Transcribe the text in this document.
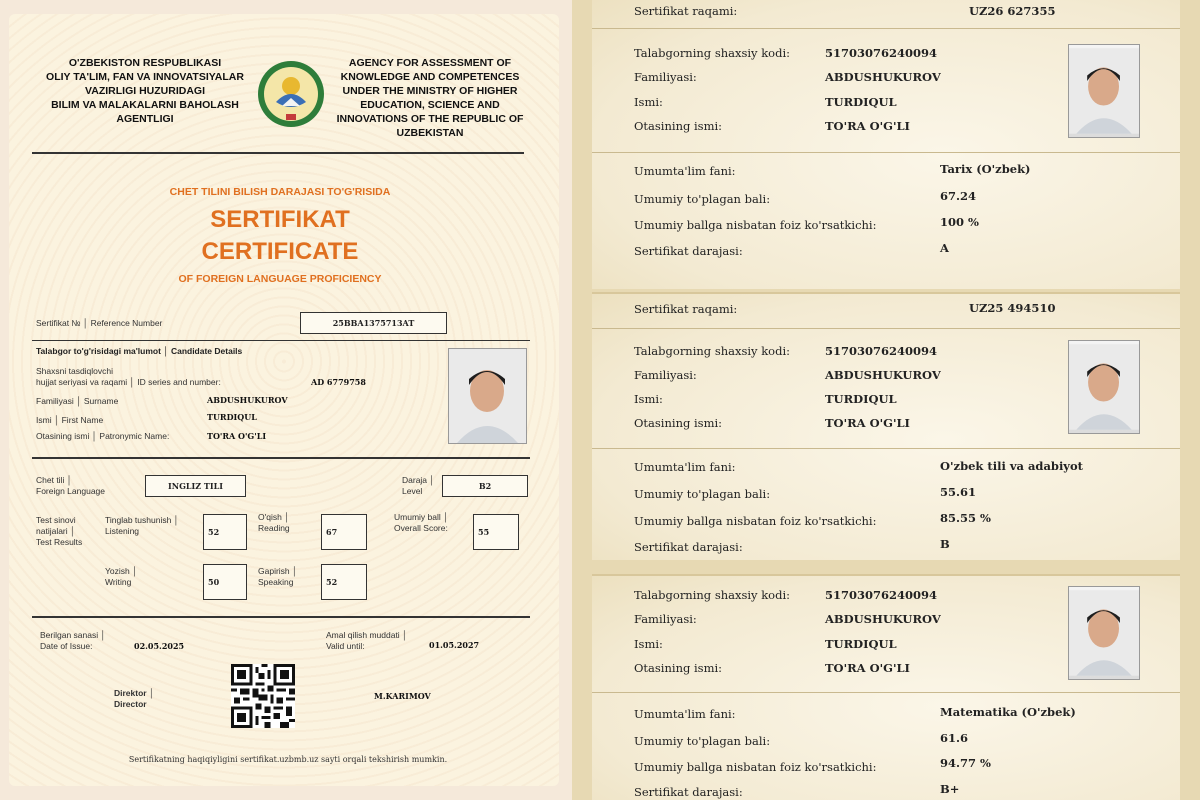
O'ZBEKISTON RESPUBLIKASI
OLIY TA'LIM, FAN VA INNOVATSIYALAR
VAZIRLIGI HUZURIDAGI
BILIM VA MALAKALARNI BAHOLASH
AGENTLIGI
AGENCY FOR ASSESSMENT OF
KNOWLEDGE AND COMPETENCES
UNDER THE MINISTRY OF HIGHER
EDUCATION, SCIENCE AND
INNOVATIONS OF THE REPUBLIC OF
UZBEKISTAN
CHET TILINI BILISH DARAJASI TO'G'RISIDA
SERTIFIKAT
CERTIFICATE
OF FOREIGN LANGUAGE PROFICIENCY
Sertifikat № │ Reference Number	25BBA1375713AT
Talabgor to'g'risidagi ma'lumot │ Candidate Details
Shaxsni tasdiqlovchi
hujjat seriyasi va raqami │ ID series and number:	AD 6779758
Familiyasi │ Surname	ABDUSHUKUROV
Ismi │ First Name	TURDIQUL
Otasining ismi │ Patronymic Name:	TO'RA O'G'LI
Chet tili │
Foreign Language	INGLIZ TILI
Daraja │
Level	B2
Test sinovi
natijalari │
Test Results
Tinglab tushunish │
Listening	52
O'qish │
Reading	67
Umumiy ball │
Overall Score:	55
Yozish │
Writing	50
Gapirish │
Speaking	52
Berilgan sanasi │
Date of Issue:	02.05.2025
Amal qilish muddati │
Valid until:	01.05.2027
Direktor │
Director
M.KARIMOV
Sertifikatning haqiqiyligini sertifikat.uzbmb.uz sayti orqali tekshirish mumkin.
Sertifikat raqami:	UZ26 627355
Talabgorning shaxsiy kodi:	51703076240094
Familiyasi:	ABDUSHUKUROV
Ismi:	TURDIQUL
Otasining ismi:	TO'RA O'G'LI
Umumta'lim fani:	Tarix (O'zbek)
Umumiy to'plagan bali:	67.24
Umumiy ballga nisbatan foiz ko'rsatkichi:	100 %
Sertifikat darajasi:	A
Sertifikat raqami:	UZ25 494510
Talabgorning shaxsiy kodi:	51703076240094
Familiyasi:	ABDUSHUKUROV
Ismi:	TURDIQUL
Otasining ismi:	TO'RA O'G'LI
Umumta'lim fani:	O'zbek tili va adabiyot
Umumiy to'plagan bali:	55.61
Umumiy ballga nisbatan foiz ko'rsatkichi:	85.55 %
Sertifikat darajasi:	B
Talabgorning shaxsiy kodi:	51703076240094
Familiyasi:	ABDUSHUKUROV
Ismi:	TURDIQUL
Otasining ismi:	TO'RA O'G'LI
Umumta'lim fani:	Matematika (O'zbek)
Umumiy to'plagan bali:	61.6
Umumiy ballga nisbatan foiz ko'rsatkichi:	94.77 %
Sertifikat darajasi:	B+
